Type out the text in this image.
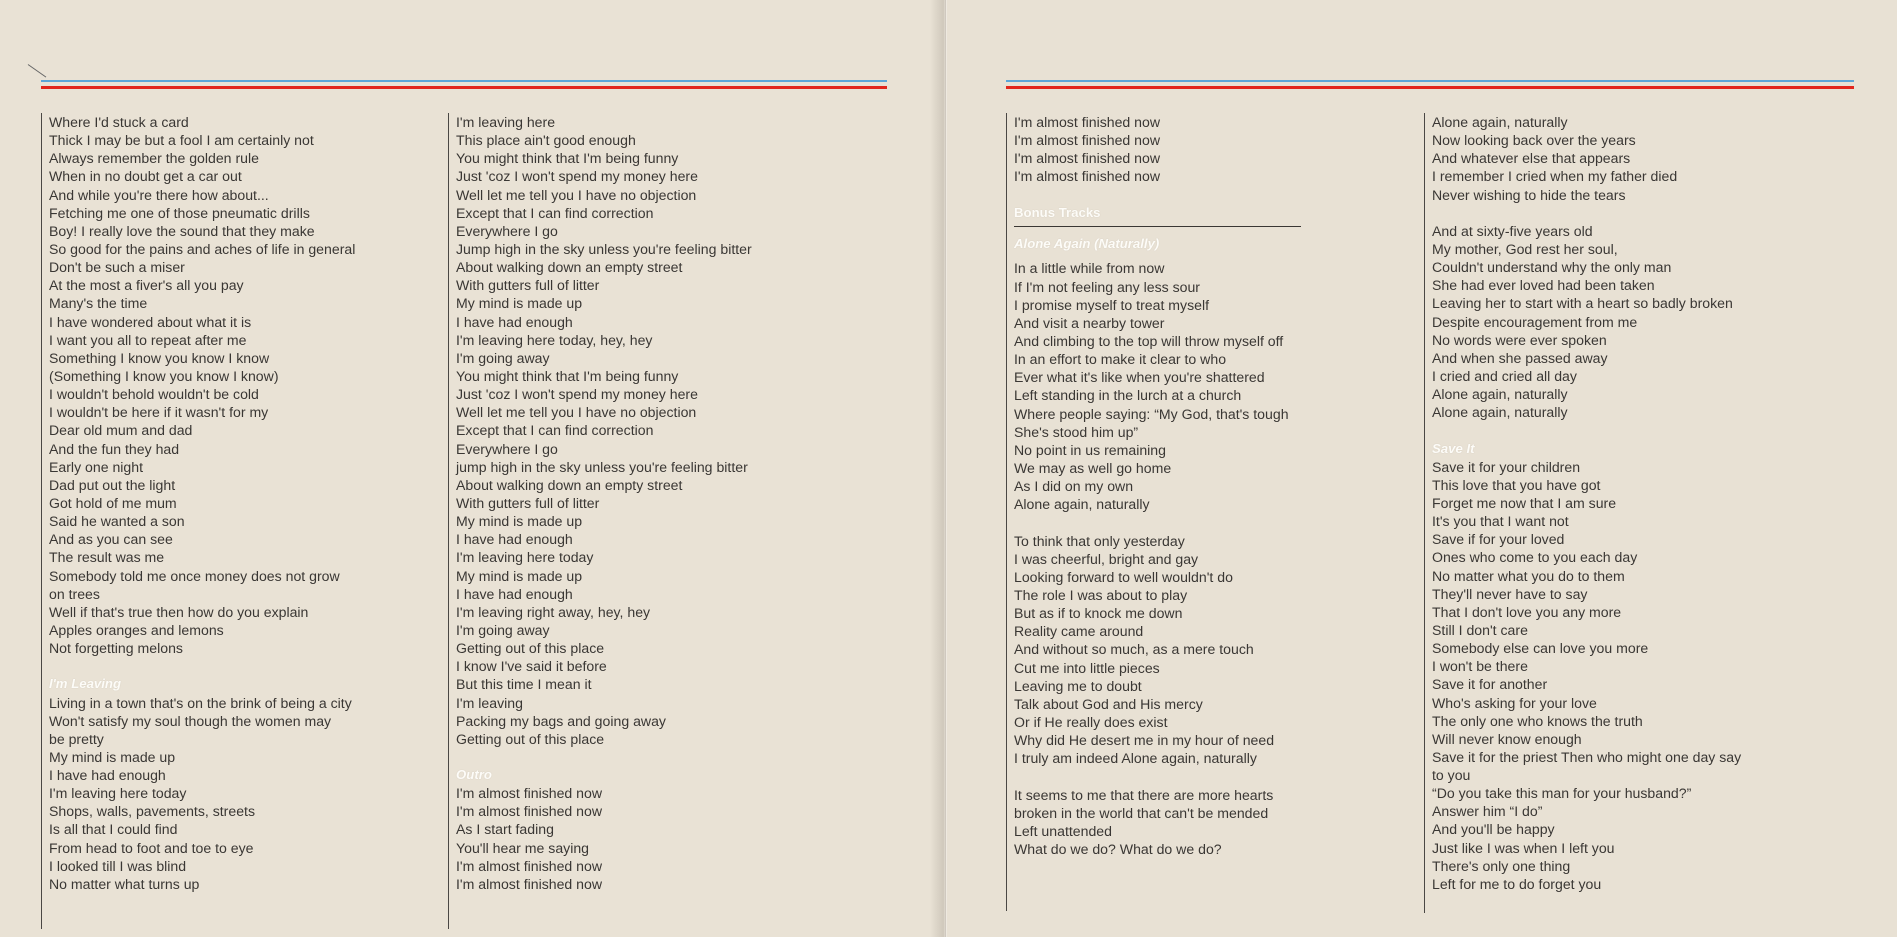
Where I'd stuck a card
Thick I may be but a fool I am certainly not
Always remember the golden rule
When in no doubt get a car out
And while you're there how about...
Fetching me one of those pneumatic drills
Boy! I really love the sound that they make
So good for the pains and aches of life in general
Don't be such a miser
At the most a fiver's all you pay
Many's the time
I have wondered about what it is
I want you all to repeat after me
Something I know you know I know
(Something I know you know I know)
I wouldn't behold wouldn't be cold
I wouldn't be here if it wasn't for my
Dear old mum and dad
And the fun they had
Early one night
Dad put out the light
Got hold of me mum
Said he wanted a son
And as you can see
The result was me
Somebody told me once money does not grow
on trees
Well if that's true then how do you explain
Apples oranges and lemons
Not forgetting melons
I'm Leaving
Living in a town that's on the brink of being a city
Won't satisfy my soul though the women may
be pretty
My mind is made up
I have had enough
I'm leaving here today
Shops, walls, pavements, streets
Is all that I could find
From head to foot and toe to eye
I looked till I was blind
No matter what turns up
I'm leaving here
This place ain't good enough
You might think that I'm being funny
Just 'coz I won't spend my money here
Well let me tell you I have no objection
Except that I can find correction
Everywhere I go
Jump high in the sky unless you're feeling bitter
About walking down an empty street
With gutters full of litter
My mind is made up
I have had enough
I'm leaving here today, hey, hey
I'm going away
You might think that I'm being funny
Just 'coz I won't spend my money here
Well let me tell you I have no objection
Except that I can find correction
Everywhere I go
jump high in the sky unless you're feeling bitter
About walking down an empty street
With gutters full of litter
My mind is made up
I have had enough
I'm leaving here today
My mind is made up
I have had enough
I'm leaving right away, hey, hey
I'm going away
Getting out of this place
I know I've said it before
But this time I mean it
I'm leaving
Packing my bags and going away
Getting out of this place
Outro
I'm almost finished now
I'm almost finished now
As I start fading
You'll hear me saying
I'm almost finished now
I'm almost finished now
I'm almost finished now
I'm almost finished now
I'm almost finished now
I'm almost finished now
Bonus Tracks
Alone Again (Naturally)
In a little while from now
If I'm not feeling any less sour
I promise myself to treat myself
And visit a nearby tower
And climbing to the top will throw myself off
In an effort to make it clear to who
Ever what it's like when you're shattered
Left standing in the lurch at a church
Where people saying: “My God, that's tough
She's stood him up”
No point in us remaining
We may as well go home
As I did on my own
Alone again, naturally
To think that only yesterday
I was cheerful, bright and gay
Looking forward to well wouldn't do
The role I was about to play
But as if to knock me down
Reality came around
And without so much, as a mere touch
Cut me into little pieces
Leaving me to doubt
Talk about God and His mercy
Or if He really does exist
Why did He desert me in my hour of need
I truly am indeed Alone again, naturally
It seems to me that there are more hearts
broken in the world that can't be mended
Left unattended
What do we do? What do we do?
Alone again, naturally
Now looking back over the years
And whatever else that appears
I remember I cried when my father died
Never wishing to hide the tears
And at sixty-five years old
My mother, God rest her soul,
Couldn't understand why the only man
She had ever loved had been taken
Leaving her to start with a heart so badly broken
Despite encouragement from me
No words were ever spoken
And when she passed away
I cried and cried all day
Alone again, naturally
Alone again, naturally
Save It
Save it for your children
This love that you have got
Forget me now that I am sure
It's you that I want not
Save if for your loved
Ones who come to you each day
No matter what you do to them
They'll never have to say
That I don't love you any more
Still I don't care
Somebody else can love you more
I won't be there
Save it for another
Who's asking for your love
The only one who knows the truth
Will never know enough
Save it for the priest Then who might one day say
to you
“Do you take this man for your husband?”
Answer him “I do”
And you'll be happy
Just like I was when I left you
There's only one thing
Left for me to do forget you
